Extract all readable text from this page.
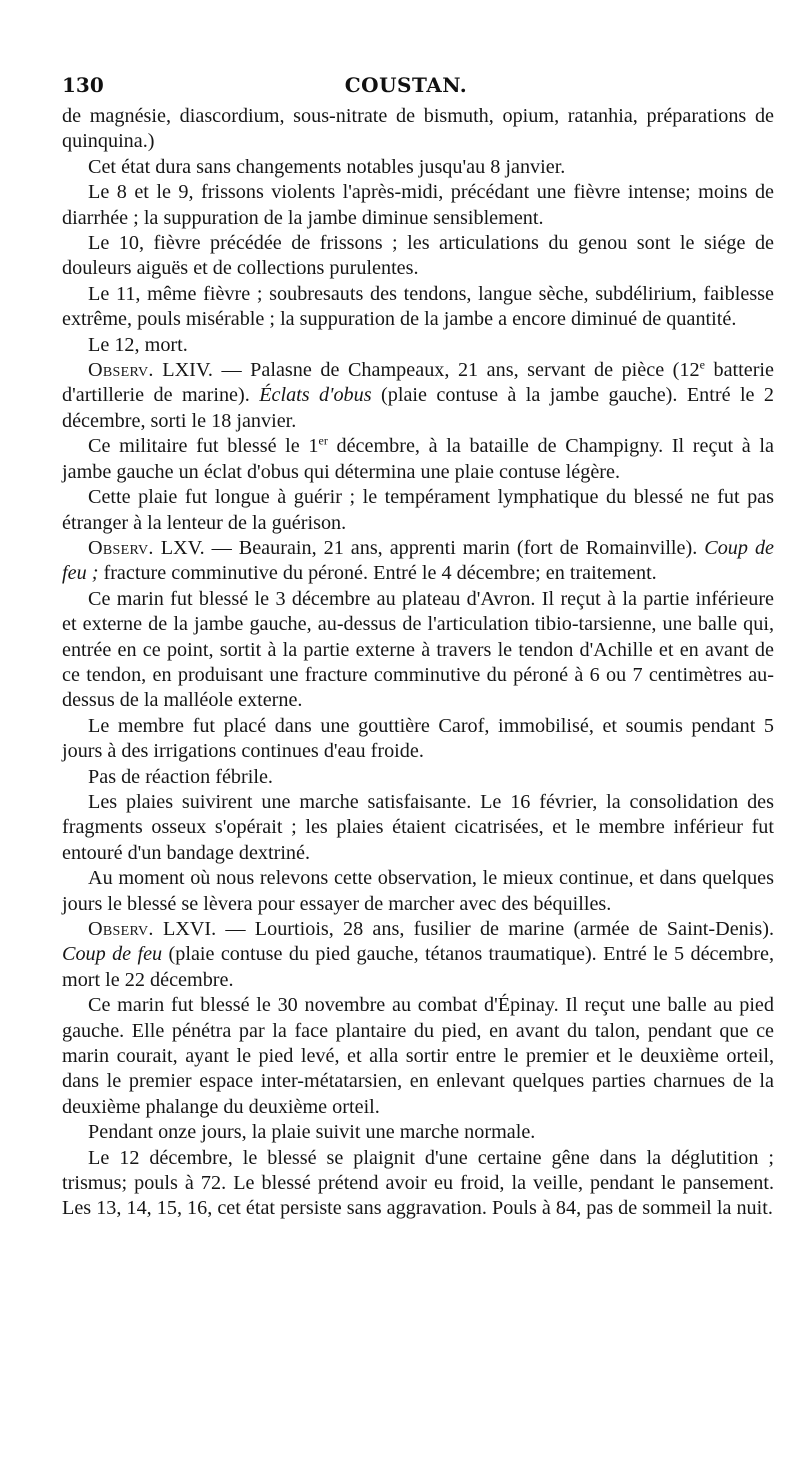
130	COUSTAN.

de magnésie, diascordium, sous-nitrate de bismuth, opium, ratanhia, préparations de quinquina.)

Cet état dura sans changements notables jusqu'au 8 janvier.

Le 8 et le 9, frissons violents l'après-midi, précédant une fièvre intense; moins de diarrhée ; la suppuration de la jambe diminue sensiblement.

Le 10, fièvre précédée de frissons ; les articulations du genou sont le siége de douleurs aiguës et de collections purulentes.

Le 11, même fièvre ; soubresauts des tendons, langue sèche, subdélirium, faiblesse extrême, pouls misérable ; la suppuration de la jambe a encore diminué de quantité.

Le 12, mort.

Observ. LXIV. — Palasne de Champeaux, 21 ans, servant de pièce (12e batterie d'artillerie de marine). Éclats d'obus (plaie contuse à la jambe gauche). Entré le 2 décembre, sorti le 18 janvier.

Ce militaire fut blessé le 1er décembre, à la bataille de Champigny. Il reçut à la jambe gauche un éclat d'obus qui détermina une plaie contuse légère.

Cette plaie fut longue à guérir ; le tempérament lymphatique du blessé ne fut pas étranger à la lenteur de la guérison.

Observ. LXV. — Beaurain, 21 ans, apprenti marin (fort de Romainville). Coup de feu ; fracture comminutive du péroné. Entré le 4 décembre; en traitement.

Ce marin fut blessé le 3 décembre au plateau d'Avron. Il reçut à la partie inférieure et externe de la jambe gauche, au-dessus de l'articulation tibio-tarsienne, une balle qui, entrée en ce point, sortit à la partie externe à travers le tendon d'Achille et en avant de ce tendon, en produisant une fracture comminutive du péroné à 6 ou 7 centimètres au-dessus de la malléole externe.

Le membre fut placé dans une gouttière Carof, immobilisé, et soumis pendant 5 jours à des irrigations continues d'eau froide.

Pas de réaction fébrile.

Les plaies suivirent une marche satisfaisante. Le 16 février, la consolidation des fragments osseux s'opérait ; les plaies étaient cicatrisées, et le membre inférieur fut entouré d'un bandage dextriné.

Au moment où nous relevons cette observation, le mieux continue, et dans quelques jours le blessé se lèvera pour essayer de marcher avec des béquilles.

Observ. LXVI. — Lourtiois, 28 ans, fusilier de marine (armée de Saint-Denis). Coup de feu (plaie contuse du pied gauche, tétanos traumatique). Entré le 5 décembre, mort le 22 décembre.

Ce marin fut blessé le 30 novembre au combat d'Épinay. Il reçut une balle au pied gauche. Elle pénétra par la face plantaire du pied, en avant du talon, pendant que ce marin courait, ayant le pied levé, et alla sortir entre le premier et le deuxième orteil, dans le premier espace inter-métatarsien, en enlevant quelques parties charnues de la deuxième phalange du deuxième orteil.

Pendant onze jours, la plaie suivit une marche normale.

Le 12 décembre, le blessé se plaignit d'une certaine gêne dans la déglutition ; trismus; pouls à 72. Le blessé prétend avoir eu froid, la veille, pendant le pansement. Les 13, 14, 15, 16, cet état persiste sans aggravation. Pouls à 84, pas de sommeil la nuit.
